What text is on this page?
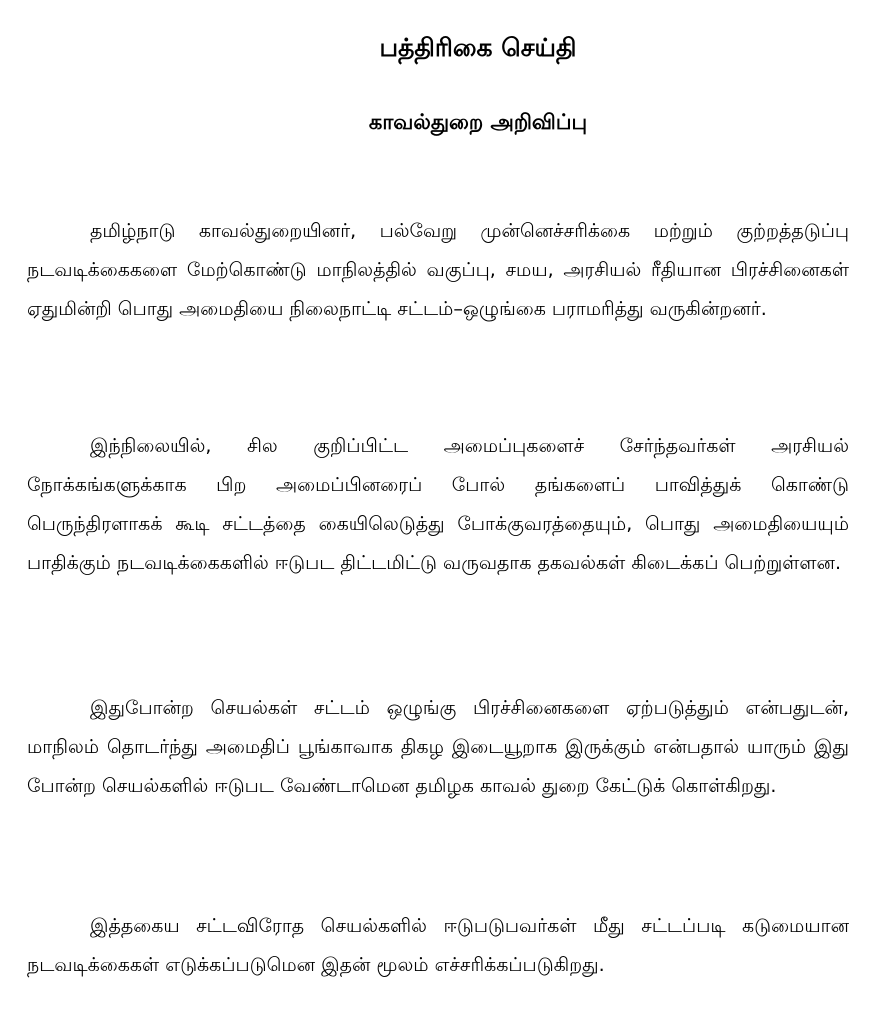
பத்திரிகை செய்தி
காவல்துறை அறிவிப்பு

தமிழ்நாடு காவல்துறையினர், பல்வேறு முன்னெச்சரிக்கை மற்றும் குற்றத்தடுப்பு நடவடிக்கைகளை மேற்கொண்டு மாநிலத்தில் வகுப்பு, சமய, அரசியல் ரீதியான பிரச்சினைகள் ஏதுமின்றி பொது அமைதியை நிலைநாட்டி சட்டம்–ஒழுங்கை பராமரித்து வருகின்றனர்.

இந்நிலையில், சில குறிப்பிட்ட அமைப்புகளைச் சேர்ந்தவர்கள் அரசியல் நோக்கங்களுக்காக பிற அமைப்பினரைப் போல் தங்களைப் பாவித்துக் கொண்டு பெருந்திரளாகக் கூடி சட்டத்தை கையிலெடுத்து போக்குவரத்தையும், பொது அமைதியையும் பாதிக்கும் நடவடிக்கைகளில் ஈடுபட திட்டமிட்டு வருவதாக தகவல்கள் கிடைக்கப் பெற்றுள்ளன.

இதுபோன்ற செயல்கள் சட்டம் ஒழுங்கு பிரச்சினைகளை ஏற்படுத்தும் என்பதுடன், மாநிலம் தொடர்ந்து அமைதிப் பூங்காவாக திகழ இடையூறாக இருக்கும் என்பதால் யாரும் இது போன்ற செயல்களில் ஈடுபட வேண்டாமென தமிழக காவல் துறை கேட்டுக் கொள்கிறது.

இத்தகைய சட்டவிரோத செயல்களில் ஈடுபடுபவர்கள் மீது சட்டப்படி கடுமையான நடவடிக்கைகள் எடுக்கப்படுமென இதன் மூலம் எச்சரிக்கப்படுகிறது.
